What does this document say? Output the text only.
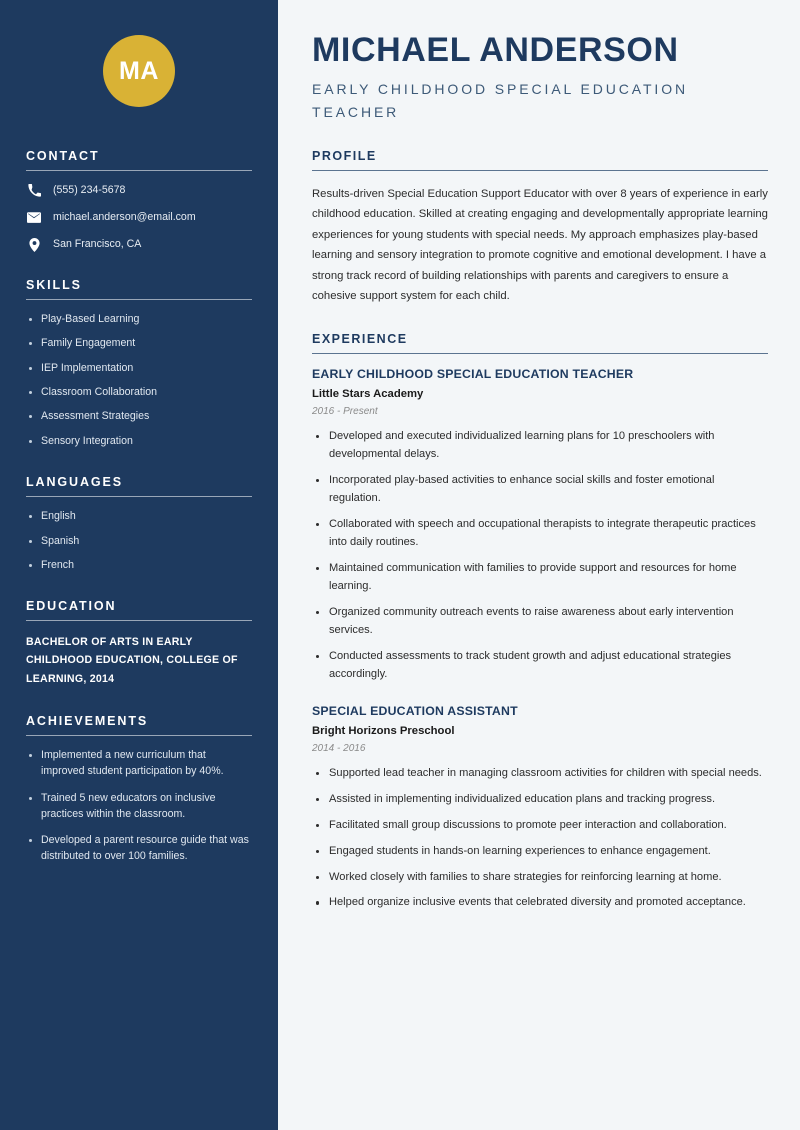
MA
CONTACT
(555) 234-5678
michael.anderson@email.com
San Francisco, CA
SKILLS
Play-Based Learning
Family Engagement
IEP Implementation
Classroom Collaboration
Assessment Strategies
Sensory Integration
LANGUAGES
English
Spanish
French
EDUCATION
BACHELOR OF ARTS IN EARLY CHILDHOOD EDUCATION, COLLEGE OF LEARNING, 2014
ACHIEVEMENTS
Implemented a new curriculum that improved student participation by 40%.
Trained 5 new educators on inclusive practices within the classroom.
Developed a parent resource guide that was distributed to over 100 families.
MICHAEL ANDERSON
EARLY CHILDHOOD SPECIAL EDUCATION TEACHER
PROFILE

Results-driven Special Education Support Educator with over 8 years of experience in early childhood education. Skilled at creating engaging and developmentally appropriate learning experiences for young students with special needs. My approach emphasizes play-based learning and sensory integration to promote cognitive and emotional development. I have a strong track record of building relationships with parents and caregivers to ensure a cohesive support system for each child.

EXPERIENCE
EARLY CHILDHOOD SPECIAL EDUCATION TEACHER
Little Stars Academy
2016 - Present
Developed and executed individualized learning plans for 10 preschoolers with developmental delays.
Incorporated play-based activities to enhance social skills and foster emotional regulation.
Collaborated with speech and occupational therapists to integrate therapeutic practices into daily routines.
Maintained communication with families to provide support and resources for home learning.
Organized community outreach events to raise awareness about early intervention services.
Conducted assessments to track student growth and adjust educational strategies accordingly.
SPECIAL EDUCATION ASSISTANT
Bright Horizons Preschool
2014 - 2016
Supported lead teacher in managing classroom activities for children with special needs.
Assisted in implementing individualized education plans and tracking progress.
Facilitated small group discussions to promote peer interaction and collaboration.
Engaged students in hands-on learning experiences to enhance engagement.
Worked closely with families to share strategies for reinforcing learning at home.
Helped organize inclusive events that celebrated diversity and promoted acceptance.
